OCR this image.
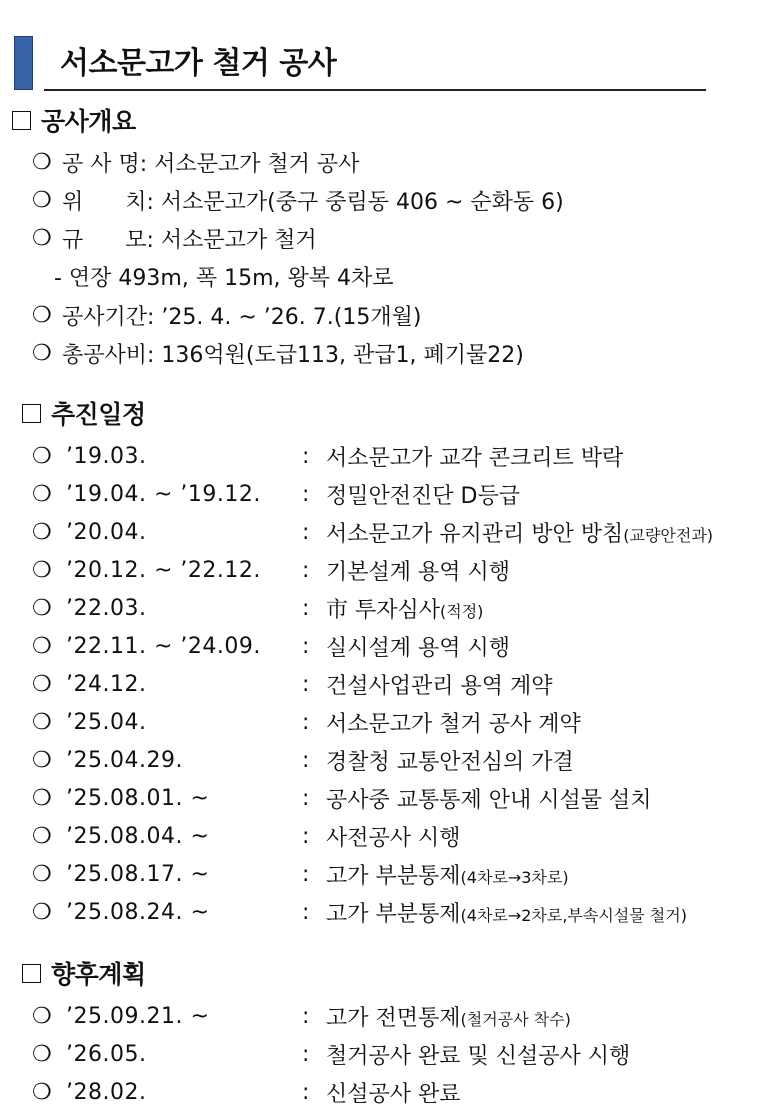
서소문고가 철거 공사
공사개요
❍ 공 사 명: 서소문고가 철거 공사
❍ 위      치: 서소문고가(중구 중림동 406 ~ 순화동 6)
❍ 규      모: 서소문고가 철거
- 연장 493m, 폭 15m, 왕복 4차로
❍ 공사기간: ’25. 4. ~ ’26. 7.(15개월)
❍ 총공사비: 136억원(도급113, 관급1, 폐기물22)
추진일정
❍ ’19.03.	: 서소문고가 교각 콘크리트 박락
❍ ’19.04. ~ ’19.12. : 정밀안전진단 D등급
❍ ’20.04.	: 서소문고가 유지관리 방안 방침(교량안전과)
❍ ’20.12. ~ ’22.12. : 기본설계 용역 시행
❍ ’22.03.	: 市 투자심사(적정)
❍ ’22.11. ~ ’24.09. : 실시설계 용역 시행
❍ ’24.12.	: 건설사업관리 용역 계약
❍ ’25.04.	: 서소문고가 철거 공사 계약
❍ ’25.04.29.	: 경찰청 교통안전심의 가결
❍ ’25.08.01. ~	: 공사중 교통통제 안내 시설물 설치
❍ ’25.08.04. ~	: 사전공사 시행
❍ ’25.08.17. ~	: 고가 부분통제(4차로→3차로)
❍ ’25.08.24. ~	: 고가 부분통제(4차로→2차로,부속시설물 철거)
향후계획
❍ ’25.09.21. ~	: 고가 전면통제(철거공사 착수)
❍ ’26.05.	: 철거공사 완료 및 신설공사 시행
❍ ’28.02.	: 신설공사 완료
